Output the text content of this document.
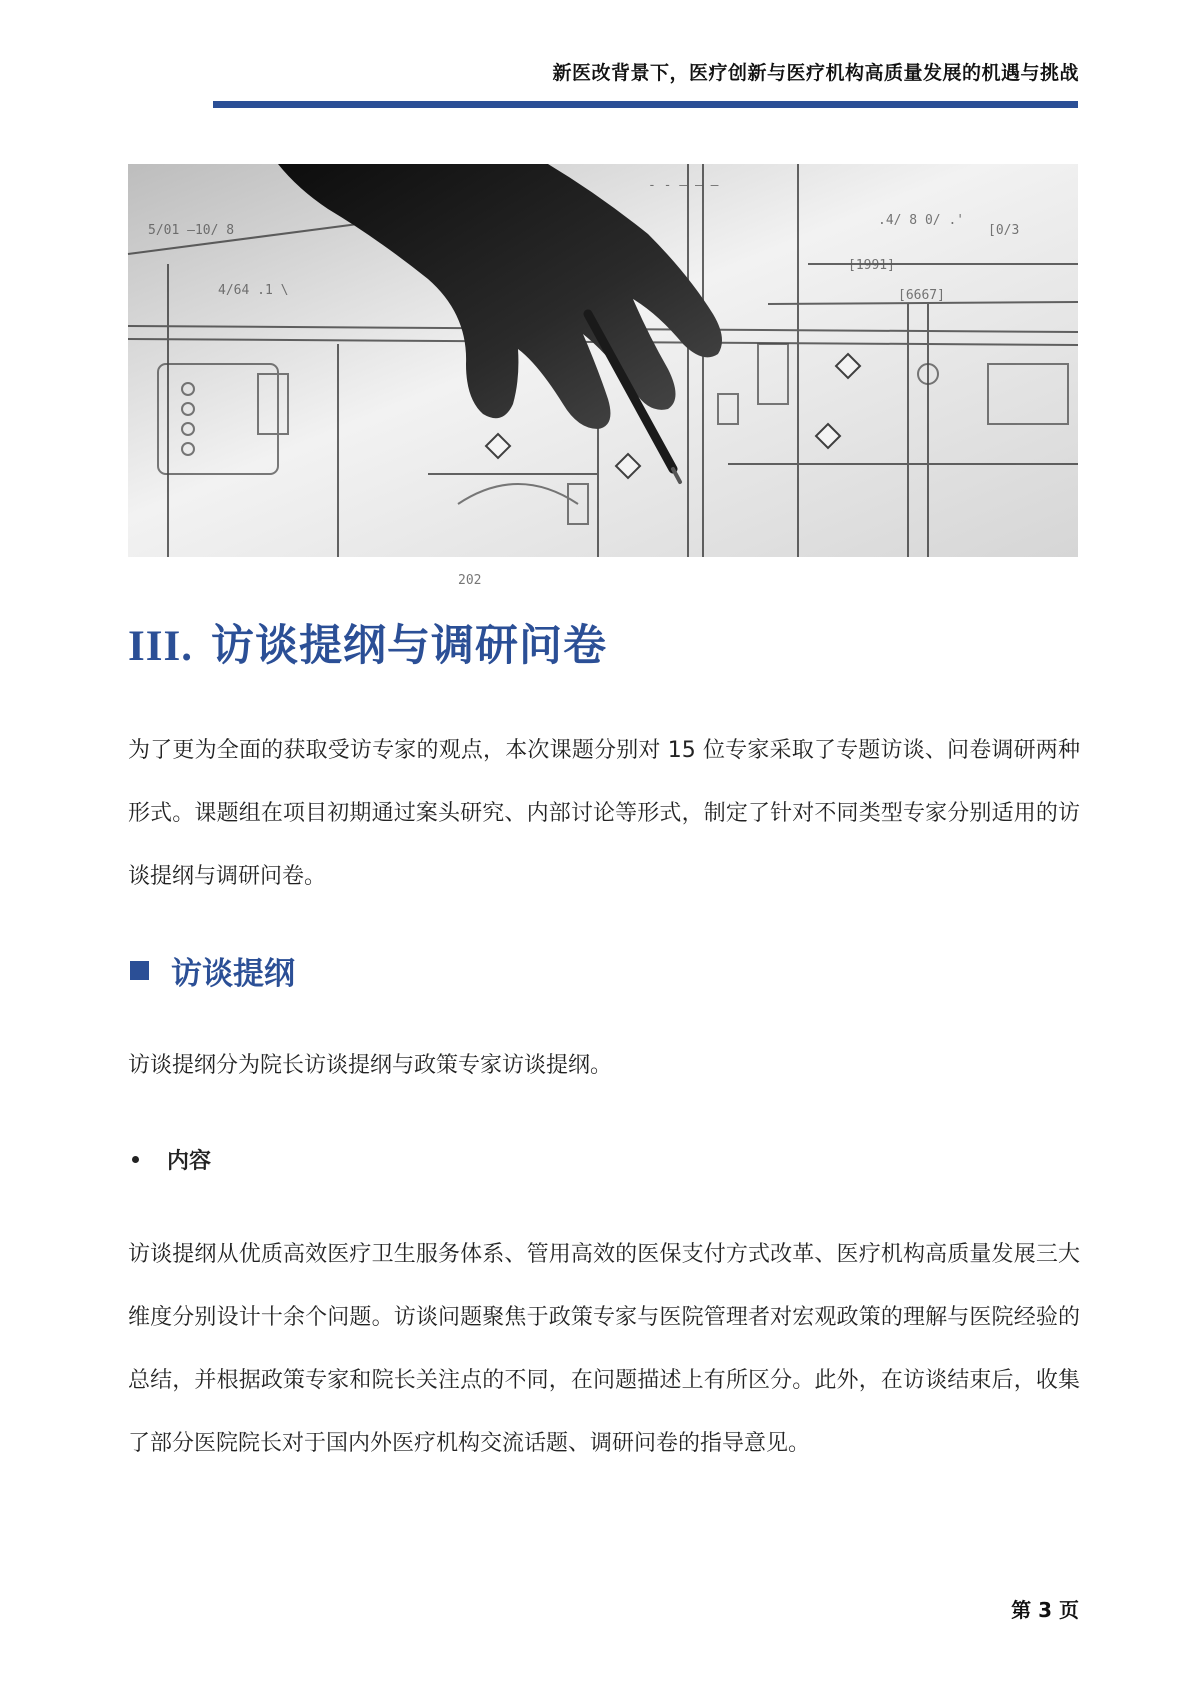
新医改背景下，医疗创新与医疗机构高质量发展的机遇与挑战
- - — — —
.4/ 8 0/ .'
[1991]
[6667]
5/01 —10/ 8
4/64 .1 \
202
[0/3
III. 访谈提纲与调研问卷

为了更为全面的获取受访专家的观点，本次课题分别对 15 位专家采取了专题访谈、问卷调研两种形式。课题组在项目初期通过案头研究、内部讨论等形式，制定了针对不同类型专家分别适用的访谈提纲与调研问卷。

访谈提纲

访谈提纲分为院长访谈提纲与政策专家访谈提纲。

内容

访谈提纲从优质高效医疗卫生服务体系、管用高效的医保支付方式改革、医疗机构高质量发展三大维度分别设计十余个问题。访谈问题聚焦于政策专家与医院管理者对宏观政策的理解与医院经验的总结，并根据政策专家和院长关注点的不同，在问题描述上有所区分。此外，在访谈结束后，收集了部分医院院长对于国内外医疗机构交流话题、调研问卷的指导意见。

第 3 页
